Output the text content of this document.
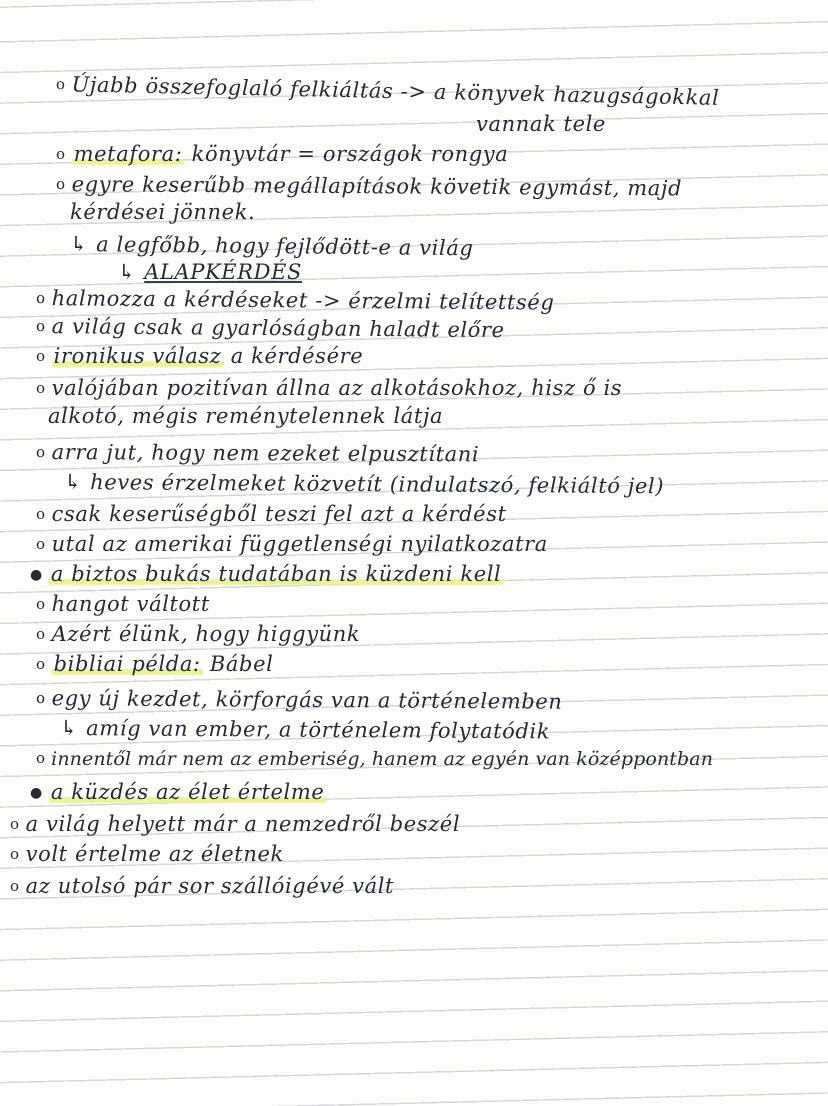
o Újabb összefoglaló felkiáltás -> a könyvek hazugságokkal
vannak tele
o metafora: könyvtár = országok rongya
o egyre keserűbb megállapítások követik egymást, majd
kérdései jönnek.
↳ a legfőbb, hogy fejlődött-e a világ
↳ ALAPKÉRDÉS
o halmozza a kérdéseket -> érzelmi telítettség
o a világ csak a gyarlóságban haladt előre
o ironikus válasz a kérdésére
o valójában pozitívan állna az alkotásokhoz, hisz ő is
alkotó, mégis reménytelennek látja
o arra jut, hogy nem ezeket elpusztítani
↳ heves érzelmeket közvetít (indulatszó, felkiáltó jel)
o csak keserűségből teszi fel azt a kérdést
o utal az amerikai függetlenségi nyilatkozatra
● a biztos bukás tudatában is küzdeni kell
o hangot váltott
o Azért élünk, hogy higgyünk
o bibliai példa: Bábel
o egy új kezdet, körforgás van a történelemben
↳ amíg van ember, a történelem folytatódik
o innentől már nem az emberiség, hanem az egyén van középpontban
● a küzdés az élet értelme
o a világ helyett már a nemzedről beszél
o volt értelme az életnek
o az utolsó pár sor szállóigévé vált
